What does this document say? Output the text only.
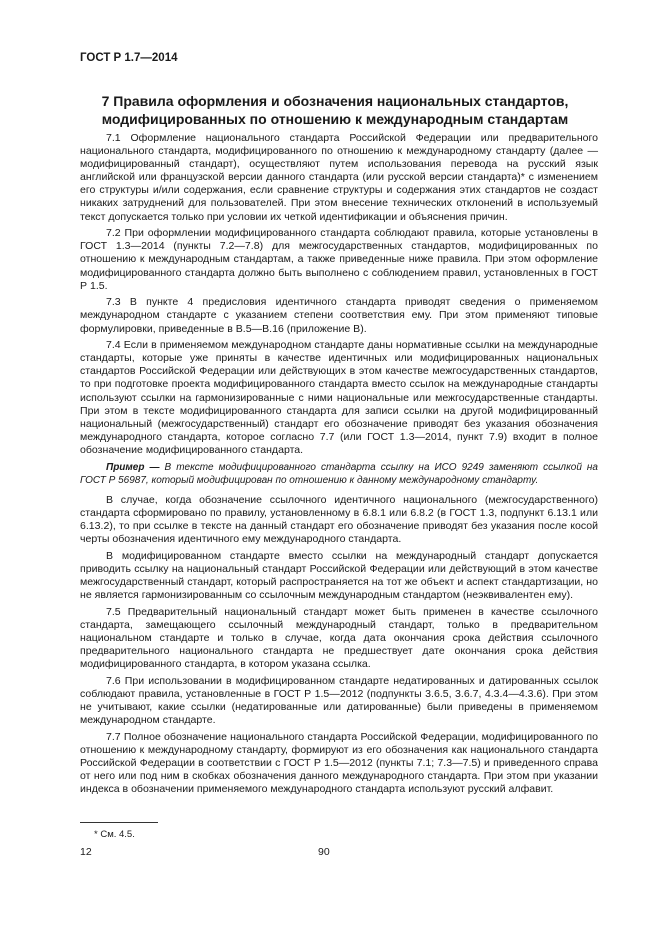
ГОСТ Р 1.7—2014
7 Правила оформления и обозначения национальных стандартов,
модифицированных по отношению к международным стандартам

7.1 Оформление национального стандарта Российской Федерации или предварительного национального стандарта, модифицированного по отношению к международному стандарту (далее — модифицированный стандарт), осуществляют путем использования перевода на русский язык английской или французской версии данного стандарта (или русской версии стандарта)* с изменением его структуры и/или содержания, если сравнение структуры и содержания этих стандартов не создаст никаких затруднений для пользователей. При этом внесение технических отклонений в используемый текст допускается только при условии их четкой идентификации и объяснения причин.

7.2 При оформлении модифицированного стандарта соблюдают правила, которые установлены в ГОСТ 1.3—2014 (пункты 7.2—7.8) для межгосударственных стандартов, модифицированных по отношению к международным стандартам, а также приведенные ниже правила. При этом оформление модифицированного стандарта должно быть выполнено с соблюдением правил, установленных в ГОСТ Р 1.5.

7.3 В пункте 4 предисловия идентичного стандарта приводят сведения о применяемом международном стандарте с указанием степени соответствия ему. При этом применяют типовые формулировки, приведенные в В.5—В.16 (приложение В).

7.4 Если в применяемом международном стандарте даны нормативные ссылки на международные стандарты, которые уже приняты в качестве идентичных или модифицированных национальных стандартов Российской Федерации или действующих в этом качестве межгосударственных стандартов, то при подготовке проекта модифицированного стандарта вместо ссылок на международные стандарты используют ссылки на гармонизированные с ними национальные или межгосударственные стандарты. При этом в тексте модифицированного стандарта для записи ссылки на другой модифицированный национальный (межгосударственный) стандарт его обозначение приводят без указания обозначения международного стандарта, которое согласно 7.7 (или ГОСТ 1.3—2014, пункт 7.9) входит в полное обозначение модифицированного стандарта.

Пример — В тексте модифицированного стандарта ссылку на ИСО 9249 заменяют ссылкой на ГОСТ Р 56987, который модифицирован по отношению к данному международному стандарту.

В случае, когда обозначение ссылочного идентичного национального (межгосударственного) стандарта сформировано по правилу, установленному в 6.8.1 или 6.8.2 (в ГОСТ 1.3, подпункт 6.13.1 или 6.13.2), то при ссылке в тексте на данный стандарт его обозначение приводят без указания после косой черты обозначения идентичного ему международного стандарта.

В модифицированном стандарте вместо ссылки на международный стандарт допускается приводить ссылку на национальный стандарт Российской Федерации или действующий в этом качестве межгосударственный стандарт, который распространяется на тот же объект и аспект стандартизации, но не является гармонизированным со ссылочным международным стандартом (неэквивалентен ему).

7.5 Предварительный национальный стандарт может быть применен в качестве ссылочного стандарта, замещающего ссылочный международный стандарт, только в предварительном национальном стандарте и только в случае, когда дата окончания срока действия ссылочного предварительного национального стандарта не предшествует дате окончания срока действия модифицированного стандарта, в котором указана ссылка.

7.6 При использовании в модифицированном стандарте недатированных и датированных ссылок соблюдают правила, установленные в ГОСТ Р 1.5—2012 (подпункты 3.6.5, 3.6.7, 4.3.4—4.3.6). При этом не учитывают, какие ссылки (недатированные или датированные) были приведены в применяемом международном стандарте.

7.7 Полное обозначение национального стандарта Российской Федерации, модифицированного по отношению к международному стандарту, формируют из его обозначения как национального стандарта Российской Федерации в соответствии с ГОСТ Р 1.5—2012 (пункты 7.1; 7.3—7.5) и приведенного справа от него или под ним в скобках обозначения данного международного стандарта. При этом при указании индекса в обозначении применяемого международного стандарта используют русский алфавит.

* См. 4.5.
12	90
